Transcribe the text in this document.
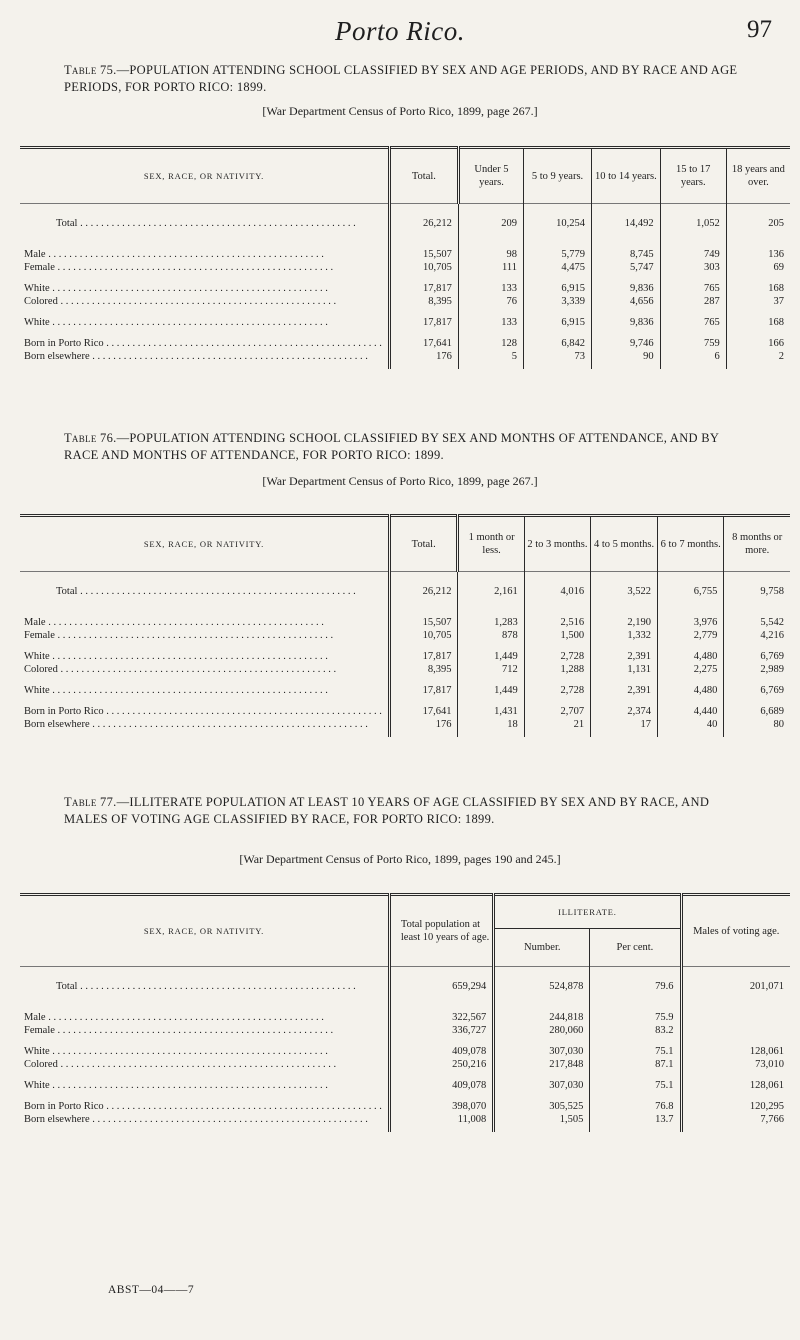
Porto Rico.	97
Table 75.—POPULATION ATTENDING SCHOOL CLASSIFIED BY SEX AND AGE PERIODS, AND BY RACE AND AGE PERIODS, FOR PORTO RICO: 1899.
[War Department Census of Porto Rico, 1899, page 267.]
SEX, RACE, OR NATIVITY.	Total.	Under 5 years.	5 to 9 years.	10 to 14 years.	15 to 17 years.	18 years and over.
Total . . . . . . . . . . . . . . . . . . . . . . . . . . . . . . . . . . . . . . . . . . . . . . . . . . . . .	26,212	209	10,254	14,492	1,052	205
Male . . . . . . . . . . . . . . . . . . . . . . . . . . . . . . . . . . . . . . . . . . . . . . . . . . . . .	15,507	98	5,779	8,745	749	136
Female . . . . . . . . . . . . . . . . . . . . . . . . . . . . . . . . . . . . . . . . . . . . . . . . . . . . .	10,705	111	4,475	5,747	303	69
White . . . . . . . . . . . . . . . . . . . . . . . . . . . . . . . . . . . . . . . . . . . . . . . . . . . . .	17,817	133	6,915	9,836	765	168
Colored . . . . . . . . . . . . . . . . . . . . . . . . . . . . . . . . . . . . . . . . . . . . . . . . . . . . .	8,395	76	3,339	4,656	287	37
White . . . . . . . . . . . . . . . . . . . . . . . . . . . . . . . . . . . . . . . . . . . . . . . . . . . . .	17,817	133	6,915	9,836	765	168
Born in Porto Rico . . . . . . . . . . . . . . . . . . . . . . . . . . . . . . . . . . . . . . . . . . . . . . . . . . . . .	17,641	128	6,842	9,746	759	166
Born elsewhere . . . . . . . . . . . . . . . . . . . . . . . . . . . . . . . . . . . . . . . . . . . . . . . . . . . . .	176	5	73	90	6	2

Table 76.—POPULATION ATTENDING SCHOOL CLASSIFIED BY SEX AND MONTHS OF ATTENDANCE, AND BY RACE AND MONTHS OF ATTENDANCE, FOR PORTO RICO: 1899.
[War Department Census of Porto Rico, 1899, page 267.]
SEX, RACE, OR NATIVITY.	Total.	1 month or less.	2 to 3 months.	4 to 5 months.	6 to 7 months.	8 months or more.
Total . . . . . . . . . . . . . . . . . . . . . . . . . . . . . . . . . . . . . . . . . . . . . . . . . . . . .	26,212	2,161	4,016	3,522	6,755	9,758
Male . . . . . . . . . . . . . . . . . . . . . . . . . . . . . . . . . . . . . . . . . . . . . . . . . . . . .	15,507	1,283	2,516	2,190	3,976	5,542
Female . . . . . . . . . . . . . . . . . . . . . . . . . . . . . . . . . . . . . . . . . . . . . . . . . . . . .	10,705	878	1,500	1,332	2,779	4,216
White . . . . . . . . . . . . . . . . . . . . . . . . . . . . . . . . . . . . . . . . . . . . . . . . . . . . .	17,817	1,449	2,728	2,391	4,480	6,769
Colored . . . . . . . . . . . . . . . . . . . . . . . . . . . . . . . . . . . . . . . . . . . . . . . . . . . . .	8,395	712	1,288	1,131	2,275	2,989
White . . . . . . . . . . . . . . . . . . . . . . . . . . . . . . . . . . . . . . . . . . . . . . . . . . . . .	17,817	1,449	2,728	2,391	4,480	6,769
Born in Porto Rico . . . . . . . . . . . . . . . . . . . . . . . . . . . . . . . . . . . . . . . . . . . . . . . . . . . . .	17,641	1,431	2,707	2,374	4,440	6,689
Born elsewhere . . . . . . . . . . . . . . . . . . . . . . . . . . . . . . . . . . . . . . . . . . . . . . . . . . . . .	176	18	21	17	40	80

Table 77.—ILLITERATE POPULATION AT LEAST 10 YEARS OF AGE CLASSIFIED BY SEX AND BY RACE, AND MALES OF VOTING AGE CLASSIFIED BY RACE, FOR PORTO RICO: 1899.
[War Department Census of Porto Rico, 1899, pages 190 and 245.]
SEX, RACE, OR NATIVITY.	Total population at least 10 years of age.	ILLITERATE.		Males of voting age.
		Number.	Per cent.	
Total . . . . . . . . . . . . . . . . . . . . . . . . . . . . . . . . . . . . . . . . . . . . . . . . . . . . .	659,294	524,878	79.6	201,071
Male . . . . . . . . . . . . . . . . . . . . . . . . . . . . . . . . . . . . . . . . . . . . . . . . . . . . .	322,567	244,818	75.9	
Female . . . . . . . . . . . . . . . . . . . . . . . . . . . . . . . . . . . . . . . . . . . . . . . . . . . . .	336,727	280,060	83.2	
White . . . . . . . . . . . . . . . . . . . . . . . . . . . . . . . . . . . . . . . . . . . . . . . . . . . . .	409,078	307,030	75.1	128,061
Colored . . . . . . . . . . . . . . . . . . . . . . . . . . . . . . . . . . . . . . . . . . . . . . . . . . . . .	250,216	217,848	87.1	73,010
White . . . . . . . . . . . . . . . . . . . . . . . . . . . . . . . . . . . . . . . . . . . . . . . . . . . . .	409,078	307,030	75.1	128,061
Born in Porto Rico . . . . . . . . . . . . . . . . . . . . . . . . . . . . . . . . . . . . . . . . . . . . . . . . . . . . .	398,070	305,525	76.8	120,295
Born elsewhere . . . . . . . . . . . . . . . . . . . . . . . . . . . . . . . . . . . . . . . . . . . . . . . . . . . . .	11,008	1,505	13.7	7,766

ABST—04——7
